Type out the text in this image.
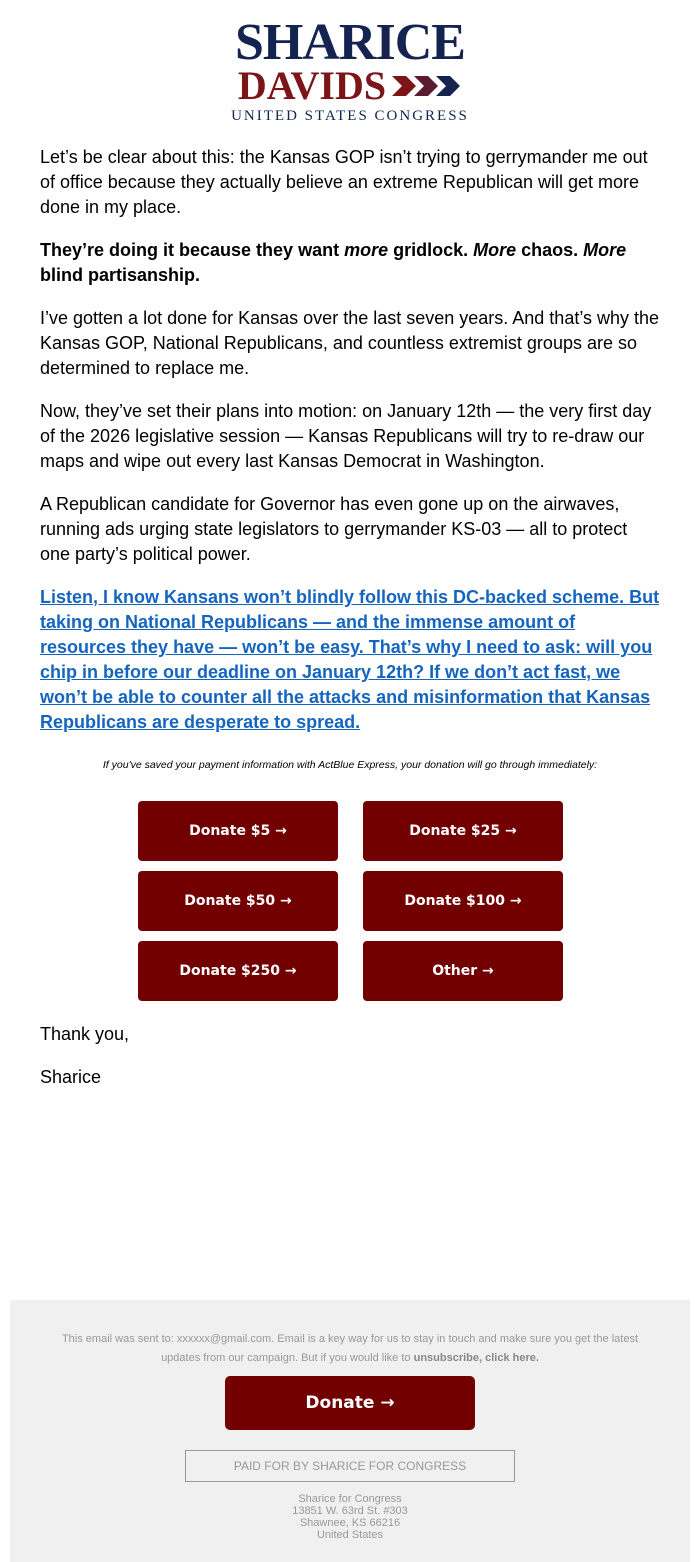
SHARICE
DAVIDS
UNITED STATES CONGRESS

Let’s be clear about this: the Kansas GOP isn’t trying to gerrymander me out of office because they actually believe an extreme Republican will get more done in my place.

They’re doing it because they want more gridlock. More chaos. More blind partisanship.

I’ve gotten a lot done for Kansas over the last seven years. And that’s why the Kansas GOP, National Republicans, and countless extremist groups are so determined to replace me.

Now, they’ve set their plans into motion: on January 12th — the very first day of the 2026 legislative session — Kansas Republicans will try to re-draw our maps and wipe out every last Kansas Democrat in Washington.

A Republican candidate for Governor has even gone up on the airwaves, running ads urging state legislators to gerrymander KS-03 — all to protect one party’s political power.

Listen, I know Kansans won’t blindly follow this DC-backed scheme. But taking on National Republicans — and the immense amount of resources they have — won’t be easy. That’s why I need to ask: will you chip in before our deadline on January 12th? If we don’t act fast, we won’t be able to counter all the attacks and misinformation that Kansas Republicans are desperate to spread.

If you've saved your payment information with ActBlue Express, your donation will go through immediately:
Donate $5 →	Donate $25 →
Donate $50 →	Donate $100 →
Donate $250 →	Other →
Thank you,
Sharice
This email was sent to: xxxxxx@gmail.com. Email is a key way for us to stay in touch and make sure you get the latest updates from our campaign. But if you would like to unsubscribe, click here.
Donate →
PAID FOR BY SHARICE FOR CONGRESS
Sharice for Congress
13851 W. 63rd St. #303
Shawnee, KS 66216
United States
